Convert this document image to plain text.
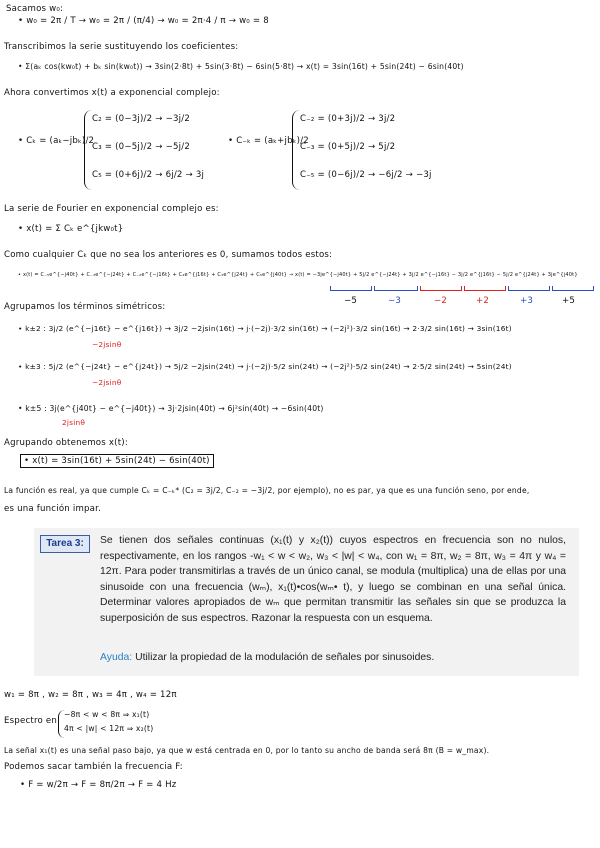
Sacamos w₀:
• w₀ = 2π / T → w₀ = 2π / (π/4) → w₀ = 2π·4 / π → w₀ = 8
Transcribimos la serie sustituyendo los coeficientes:
• Σ(aₖ cos(kw₀t) + bₖ sin(kw₀t)) → 3sin(2·8t) + 5sin(3·8t) − 6sin(5·8t) → x(t) = 3sin(16t) + 5sin(24t) − 6sin(40t)
Ahora convertimos x(t) a exponencial complejo:
• Cₖ = (aₖ−jbₖ)/2
C₂ = (0−3j)/2 → −3j/2
C₃ = (0−5j)/2 → −5j/2
C₅ = (0+6j)/2 → 6j/2 → 3j
• C₋ₖ = (aₖ+jbₖ)/2
C₋₂ = (0+3j)/2 → 3j/2
C₋₃ = (0+5j)/2 → 5j/2
C₋₅ = (0−6j)/2 → −6j/2 → −3j
La serie de Fourier en exponencial complejo es:
• x(t) = Σ Cₖ e^{jkw₀t}
Como cualquier Cₖ que no sea los anteriores es 0, sumamos todos estos:
• x(t) = C₋₅e^{−j40t} + C₋₃e^{−j24t} + C₋₂e^{−j16t} + C₂e^{j16t} + C₃e^{j24t} + C₅e^{j40t} → x(t) = −3je^{−j40t} + 5j/2 e^{−j24t} + 3j/2 e^{−j16t} − 3j/2 e^{j16t} − 5j/2 e^{j24t} + 3je^{j40t}
−5	−3	−2	+2	+3	+5
Agrupamos los términos simétricos:
• k±2 : 3j/2 (e^{−j16t} − e^{j16t}) → 3j/2 −2jsin(16t) → j·(−2j)·3/2 sin(16t) → (−2j²)·3/2 sin(16t) → 2·3/2 sin(16t) → 3sin(16t)
−2jsinθ
• k±3 : 5j/2 (e^{−j24t} − e^{j24t}) → 5j/2 −2jsin(24t) → j·(−2j)·5/2 sin(24t) → (−2j²)·5/2 sin(24t) → 2·5/2 sin(24t) → 5sin(24t)
−2jsinθ
• k±5 : 3j(e^{j40t} − e^{−j40t}) → 3j·2jsin(40t) → 6j²sin(40t) → −6sin(40t)
2jsinθ
Agrupando obtenemos x(t):
• x(t) = 3sin(16t) + 5sin(24t) − 6sin(40t)
La función es real, ya que cumple Cₖ = C₋ₖ* (C₂ = 3j/2, C₋₂ = −3j/2, por ejemplo), no es par, ya que es una función seno, por ende,
es una función impar.
Tarea 3:	Se tienen dos señales continuas (x₁(t) y x₂(t)) cuyos espectros en frecuencia son no nulos, respectivamente, en los rangos -w₁ < w < w₂, w₃ < |w| < w₄, con w₁ = 8π, w₂ = 8π, w₃ = 4π y w₄ = 12π. Para poder transmitirlas a través de un único canal, se modula (multiplica) una de ellas por una sinusoide con una frecuencia (wₘ), x₁(t)•cos(wₘ• t), y luego se combinan en una señal única. Determinar valores apropiados de wₘ que permitan transmitir las señales sin que se produzca la superposición de sus espectros. Razonar la respuesta con un esquema.
Ayuda: Utilizar la propiedad de la modulación de señales por sinusoides.
w₁ = 8π , w₂ = 8π , w₃ = 4π , w₄ = 12π
Espectro en
−8π < w < 8π ⇒ x₁(t)
4π < |w| < 12π ⇒ x₂(t)
La señal x₁(t) es una señal paso bajo, ya que w está centrada en 0, por lo tanto su ancho de banda será 8π (B = w_max).
Podemos sacar también la frecuencia F:
• F = w/2π → F = 8π/2π → F = 4 Hz
